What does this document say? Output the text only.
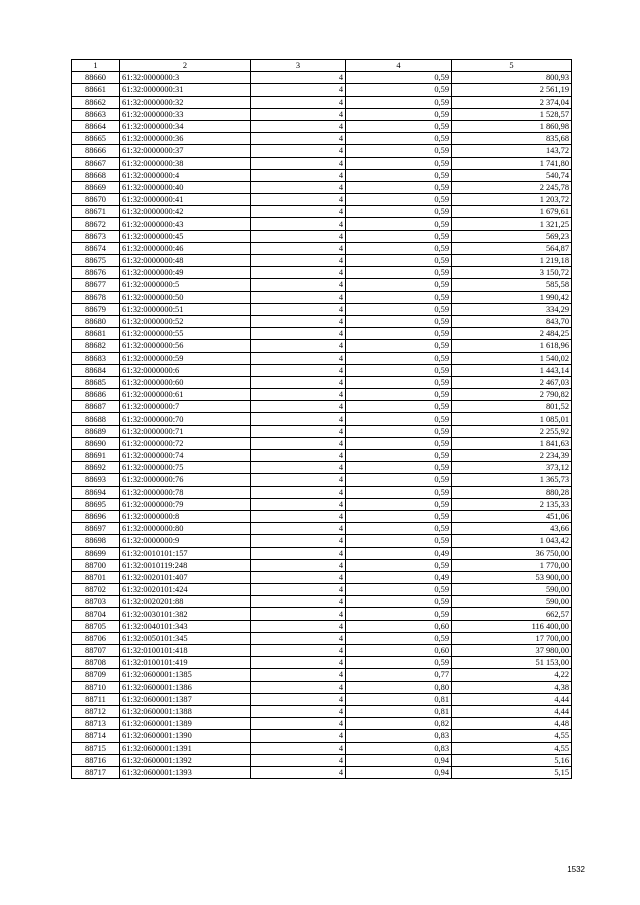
1	2	3	4	5
88660	61:32:0000000:3	4	0,59	800,93
88661	61:32:0000000:31	4	0,59	2 561,19
88662	61:32:0000000:32	4	0,59	2 374,04
88663	61:32:0000000:33	4	0,59	1 528,57
88664	61:32:0000000:34	4	0,59	1 860,98
88665	61:32:0000000:36	4	0,59	835,68
88666	61:32:0000000:37	4	0,59	143,72
88667	61:32:0000000:38	4	0,59	1 741,80
88668	61:32:0000000:4	4	0,59	540,74
88669	61:32:0000000:40	4	0,59	2 245,78
88670	61:32:0000000:41	4	0,59	1 203,72
88671	61:32:0000000:42	4	0,59	1 679,61
88672	61:32:0000000:43	4	0,59	1 321,25
88673	61:32:0000000:45	4	0,59	569,23
88674	61:32:0000000:46	4	0,59	564,87
88675	61:32:0000000:48	4	0,59	1 219,18
88676	61:32:0000000:49	4	0,59	3 150,72
88677	61:32:0000000:5	4	0,59	585,58
88678	61:32:0000000:50	4	0,59	1 990,42
88679	61:32:0000000:51	4	0,59	334,29
88680	61:32:0000000:52	4	0,59	843,70
88681	61:32:0000000:55	4	0,59	2 484,25
88682	61:32:0000000:56	4	0,59	1 618,96
88683	61:32:0000000:59	4	0,59	1 540,02
88684	61:32:0000000:6	4	0,59	1 443,14
88685	61:32:0000000:60	4	0,59	2 467,03
88686	61:32:0000000:61	4	0,59	2 790,82
88687	61:32:0000000:7	4	0,59	801,52
88688	61:32:0000000:70	4	0,59	1 085,01
88689	61:32:0000000:71	4	0,59	2 255,92
88690	61:32:0000000:72	4	0,59	1 841,63
88691	61:32:0000000:74	4	0,59	2 234,39
88692	61:32:0000000:75	4	0,59	373,12
88693	61:32:0000000:76	4	0,59	1 365,73
88694	61:32:0000000:78	4	0,59	880,28
88695	61:32:0000000:79	4	0,59	2 135,33
88696	61:32:0000000:8	4	0,59	451,06
88697	61:32:0000000:80	4	0,59	43,66
88698	61:32:0000000:9	4	0,59	1 043,42
88699	61:32:0010101:157	4	0,49	36 750,00
88700	61:32:0010119:248	4	0,59	1 770,00
88701	61:32:0020101:407	4	0,49	53 900,00
88702	61:32:0020101:424	4	0,59	590,00
88703	61:32:0020201:88	4	0,59	590,00
88704	61:32:0030101:382	4	0,59	662,57
88705	61:32:0040101:343	4	0,60	116 400,00
88706	61:32:0050101:345	4	0,59	17 700,00
88707	61:32:0100101:418	4	0,60	37 980,00
88708	61:32:0100101:419	4	0,59	51 153,00
88709	61:32:0600001:1385	4	0,77	4,22
88710	61:32:0600001:1386	4	0,80	4,38
88711	61:32:0600001:1387	4	0,81	4,44
88712	61:32:0600001:1388	4	0,81	4,44
88713	61:32:0600001:1389	4	0,82	4,48
88714	61:32:0600001:1390	4	0,83	4,55
88715	61:32:0600001:1391	4	0,83	4,55
88716	61:32:0600001:1392	4	0,94	5,16
88717	61:32:0600001:1393	4	0,94	5,15
1532
